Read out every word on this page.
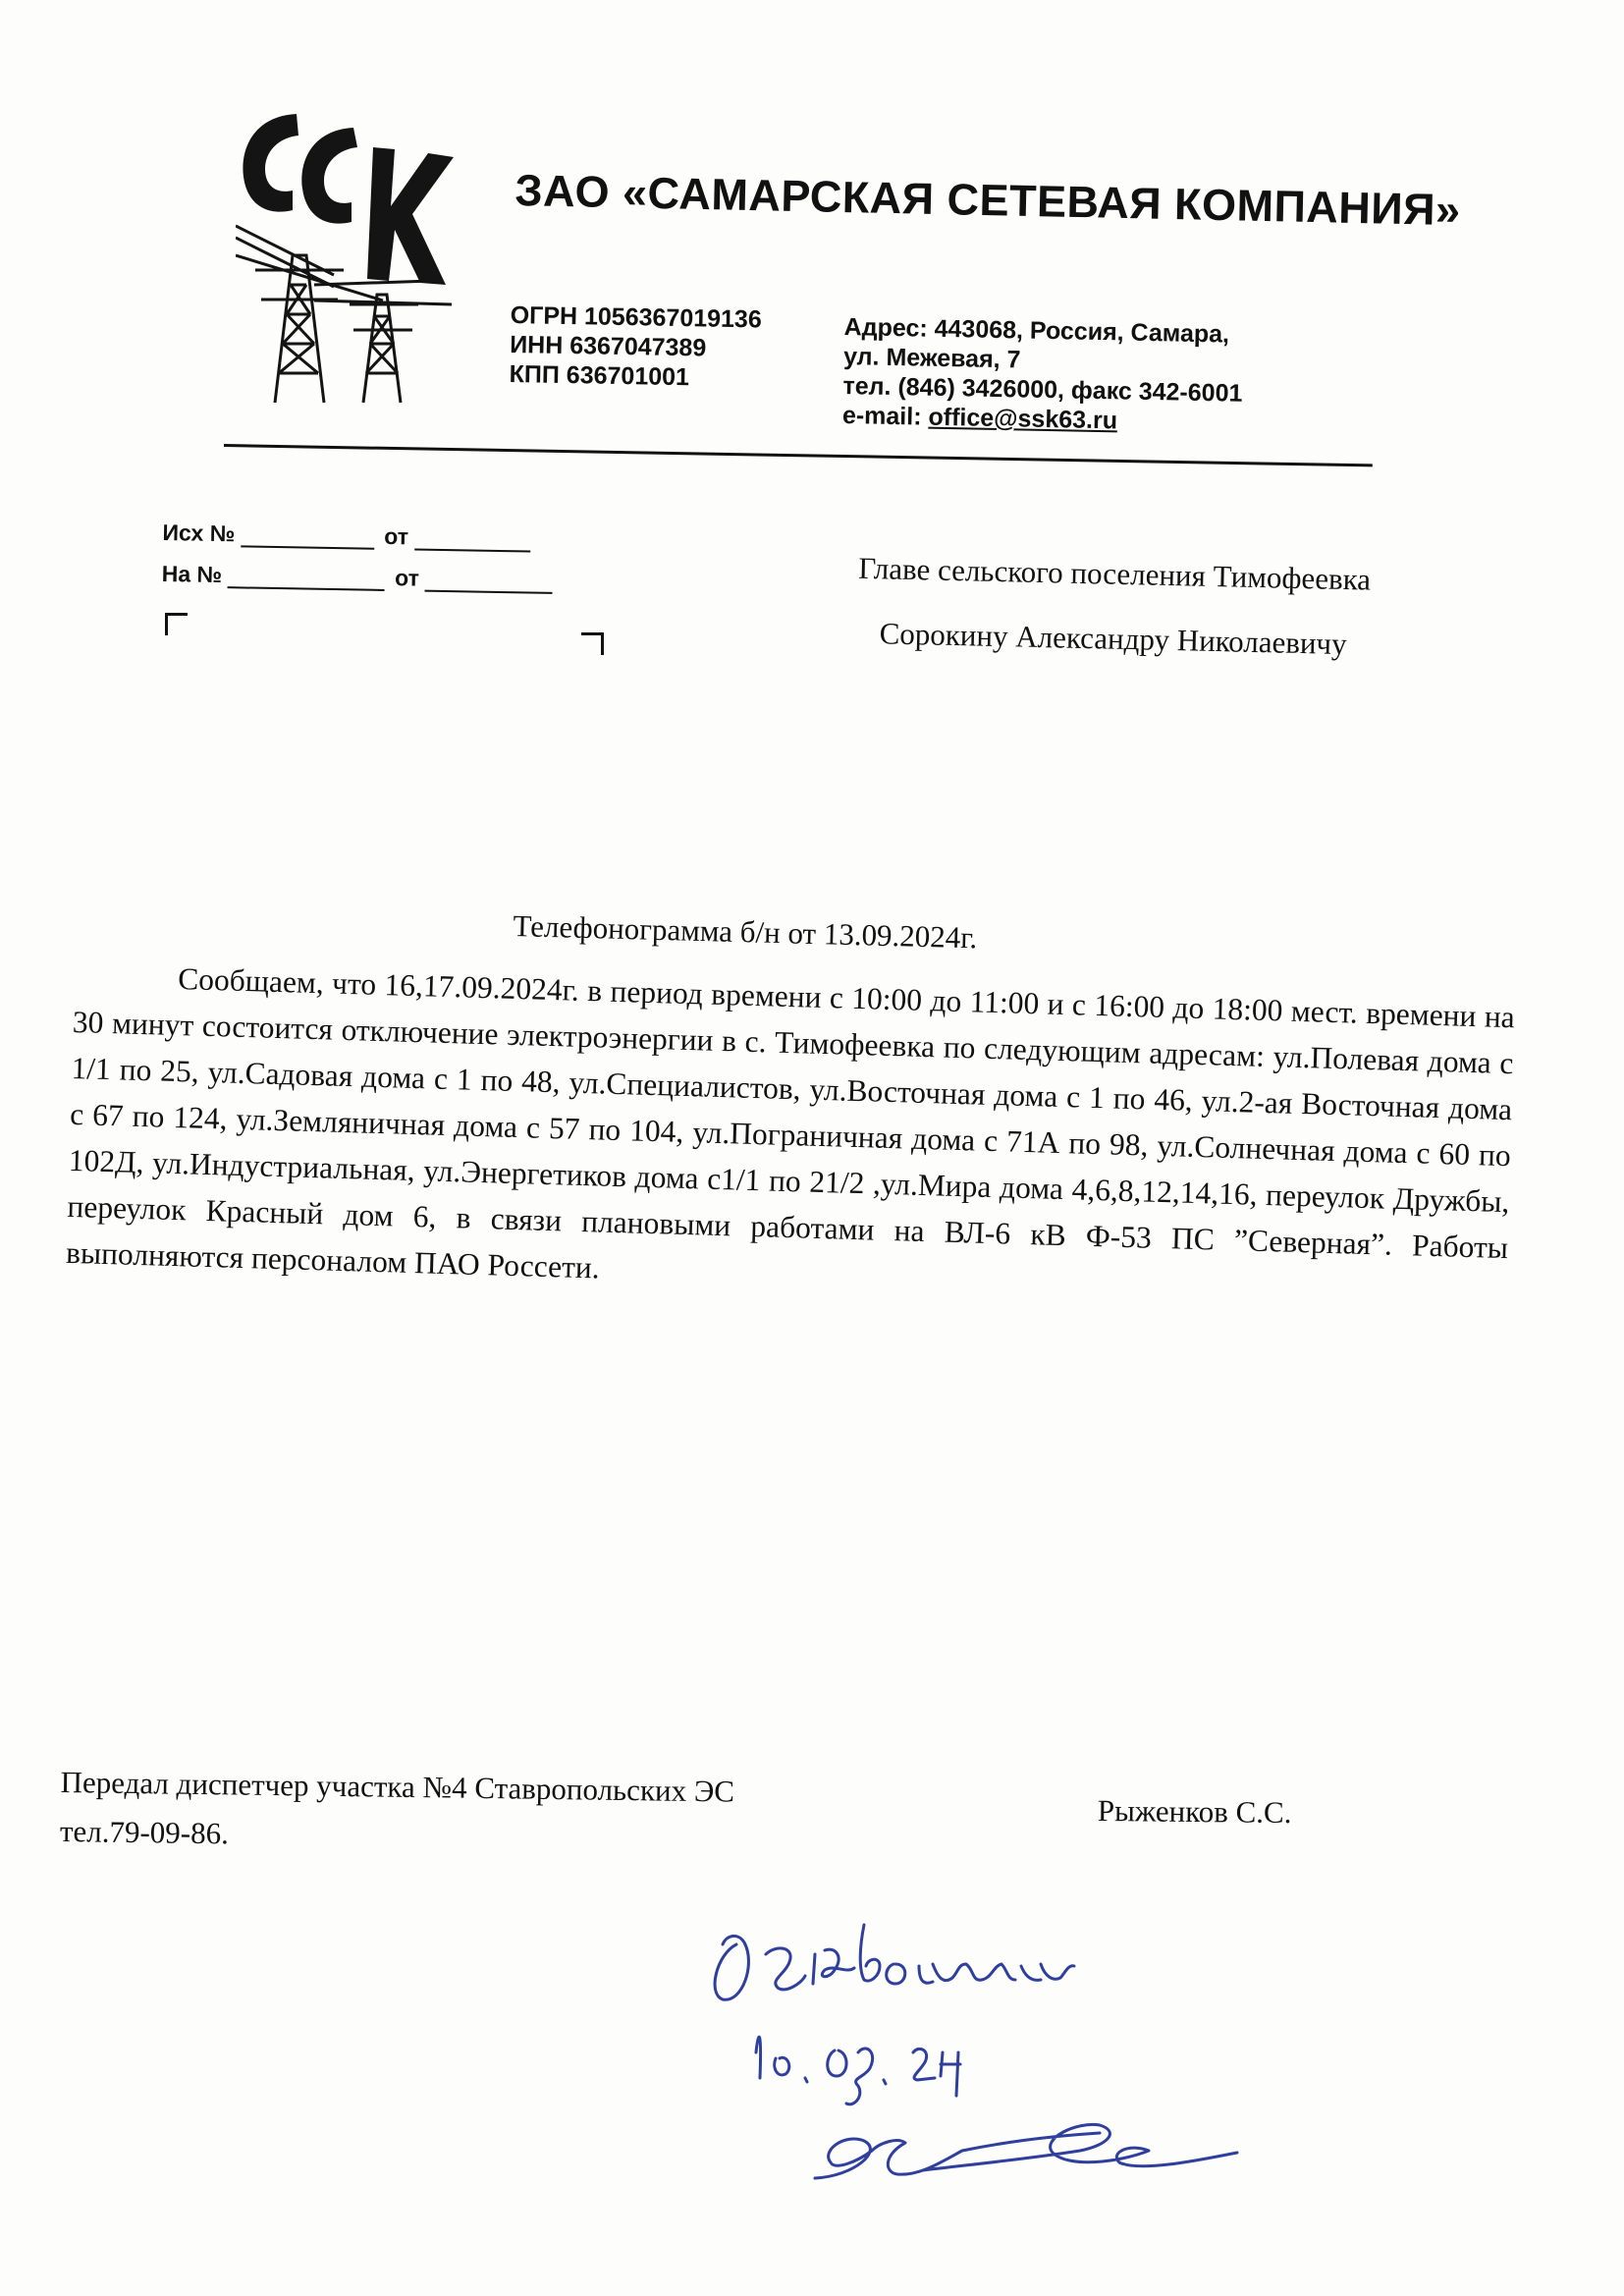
ЗАО «САМАРСКАЯ СЕТЕВАЯ КОМПАНИЯ»
ОГРН 1056367019136
ИНН 6367047389
КПП 636701001
Адрес: 443068, Россия, Самара,
ул. Межевая, 7
тел. (846) 3426000, факс 342-6001
e-mail: office@ssk63.ru
Исх №	от
На №	от	Главе сельского поселения Тимофеевка
Сорокину Александру Николаевичу
Телефонограмма б/н от 13.09.2024г.
Сообщаем, что 16,17.09.2024г. в период времени с 10:00 до 11:00 и с 16:00 до 18:00 мест. времени на 30 минут состоится отключение электроэнергии в с. Тимофеевка по следующим адресам: ул.Полевая дома с 1/1 по 25, ул.Садовая дома с 1 по 48, ул.Специалистов, ул.Восточная дома с 1 по 46, ул.2-ая Восточная дома с 67 по 124, ул.Земляничная дома с 57 по 104, ул.Пограничная дома с 71А по 98, ул.Солнечная дома с 60 по 102Д, ул.Индустриальная, ул.Энергетиков дома с1/1 по 21/2 ,ул.Мира дома 4,6,8,12,14,16, переулок Дружбы, переулок Красный дом 6, в связи плановыми работами на ВЛ-6 кВ Ф-53 ПС ”Северная”. Работы выполняются персоналом ПАО Россети.
Передал диспетчер участка №4 Ставропольских ЭС
тел.79-09-86.
Рыженков С.С.
